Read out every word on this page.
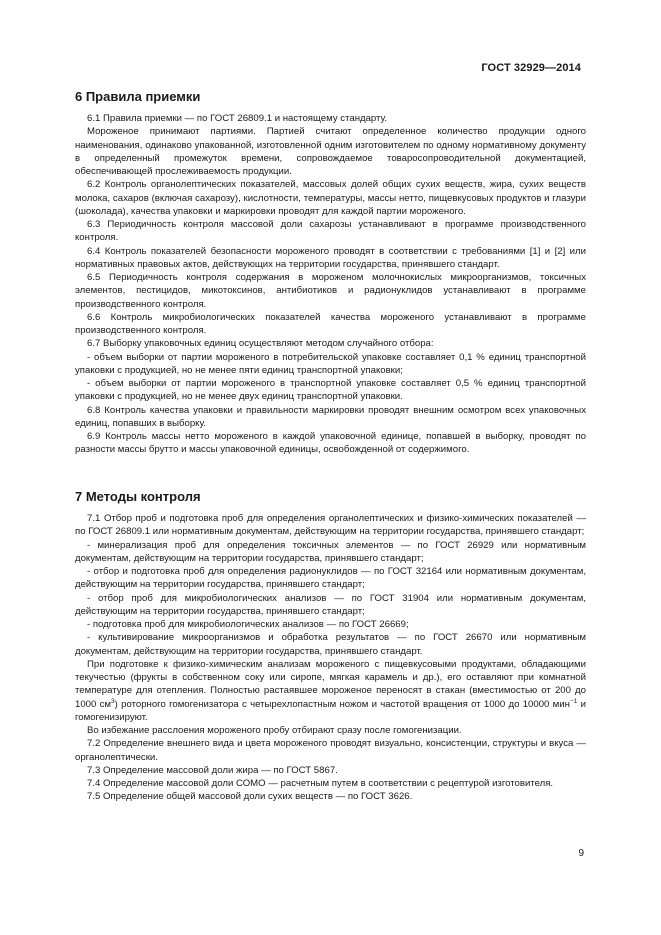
ГОСТ 32929—2014
6 Правила приемки

6.1 Правила приемки — по ГОСТ 26809.1 и настоящему стандарту.

Мороженое принимают партиями. Партией считают определенное количество продукции одного наименования, одинаково упакованной, изготовленной одним изготовителем по одному нормативному документу в определенный промежуток времени, сопровождаемое товаросопроводительной документацией, обеспечивающей прослеживаемость продукции.

6.2 Контроль органолептических показателей, массовых долей общих сухих веществ, жира, сухих веществ молока, сахаров (включая сахарозу), кислотности, температуры, массы нетто, пищевкусовых продуктов и глазури (шоколада), качества упаковки и маркировки проводят для каждой партии мороженого.

6.3 Периодичность контроля массовой доли сахарозы устанавливают в программе производственного контроля.

6.4 Контроль показателей безопасности мороженого проводят в соответствии с требованиями [1] и [2] или нормативных правовых актов, действующих на территории государства, принявшего стандарт.

6.5 Периодичность контроля содержания в мороженом молочнокислых микроорганизмов, токсичных элементов, пестицидов, микотоксинов, антибиотиков и радионуклидов устанавливают в программе производственного контроля.

6.6 Контроль микробиологических показателей качества мороженого устанавливают в программе производственного контроля.

6.7 Выборку упаковочных единиц осуществляют методом случайного отбора:

- объем выборки от партии мороженого в потребительской упаковке составляет 0,1 % единиц транспортной упаковки с продукцией, но не менее пяти единиц транспортной упаковки;

- объем выборки от партии мороженого в транспортной упаковке составляет 0,5 % единиц транспортной упаковки с продукцией, но не менее двух единиц транспортной упаковки.

6.8 Контроль качества упаковки и правильности маркировки проводят внешним осмотром всех упаковочных единиц, попавших в выборку.

6.9 Контроль массы нетто мороженого в каждой упаковочной единице, попавшей в выборку, проводят по разности массы брутто и массы упаковочной единицы, освобожденной от содержимого.

7 Методы контроля

7.1 Отбор проб и подготовка проб для определения органолептических и физико-химических показателей — по ГОСТ 26809.1 или нормативным документам, действующим на территории государства, принявшего стандарт;

- минерализация проб для определения токсичных элементов — по ГОСТ 26929 или нормативным документам, действующим на территории государства, принявшего стандарт;

- отбор и подготовка проб для определения радионуклидов — по ГОСТ 32164 или нормативным документам, действующим на территории государства, принявшего стандарт;

- отбор проб для микробиологических анализов — по ГОСТ 31904 или нормативным документам, действующим на территории государства, принявшего стандарт;

- подготовка проб для микробиологических анализов — по ГОСТ 26669;

- культивирование микроорганизмов и обработка результатов — по ГОСТ 26670 или нормативным документам, действующим на территории государства, принявшего стандарт.

При подготовке к физико-химическим анализам мороженого с пищевкусовыми продуктами, обладающими текучестью (фрукты в собственном соку или сиропе, мягкая карамель и др.), его оставляют при комнатной температуре для отепления. Полностью растаявшее мороженое переносят в стакан (вместимостью от 200 до 1000 $см^3$) роторного гомогенизатора с четырехлопастным ножом и частотой вращения от 1000 до 10000 мин$^{-1}$ и гомогенизируют.

Во избежание расслоения мороженого пробу отбирают сразу после гомогенизации.

7.2 Определение внешнего вида и цвета мороженого проводят визуально, консистенции, структуры и вкуса — органолептически.

7.3 Определение массовой доли жира — по ГОСТ 5867.

7.4 Определение массовой доли СОМО — расчетным путем в соответствии с рецептурой изготовителя.

7.5 Определение общей массовой доли сухих веществ — по ГОСТ 3626.

9
